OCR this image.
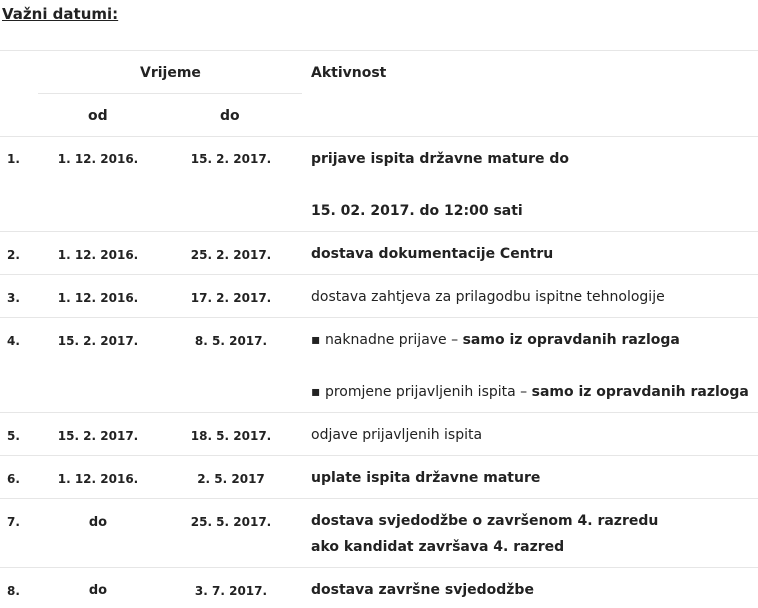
Važni datumi:
Vrijeme	Aktivnost
od	do
1.	1. 12. 2016.	15. 2. 2017.	prijave ispita državne mature do
15. 02. 2017. do 12:00 sati
2.	1. 12. 2016.	25. 2. 2017.	dostava dokumentacije Centru
3.	1. 12. 2016.	17. 2. 2017.	dostava zahtjeva za prilagodbu ispitne tehnologije
4.	15. 2. 2017.	8. 5. 2017.	▪ naknadne prijave – samo iz opravdanih razloga
▪ promjene prijavljenih ispita – samo iz opravdanih razloga
5.	15. 2. 2017.	18. 5. 2017.	odjave prijavljenih ispita
6.	1. 12. 2016.	2. 5. 2017	uplate ispita državne mature
7.	do	25. 5. 2017.	dostava svjedodžbe o završenom 4. razredu
ako kandidat završava 4. razred
8.	do	3. 7. 2017.	dostava završne svjedodžbe
